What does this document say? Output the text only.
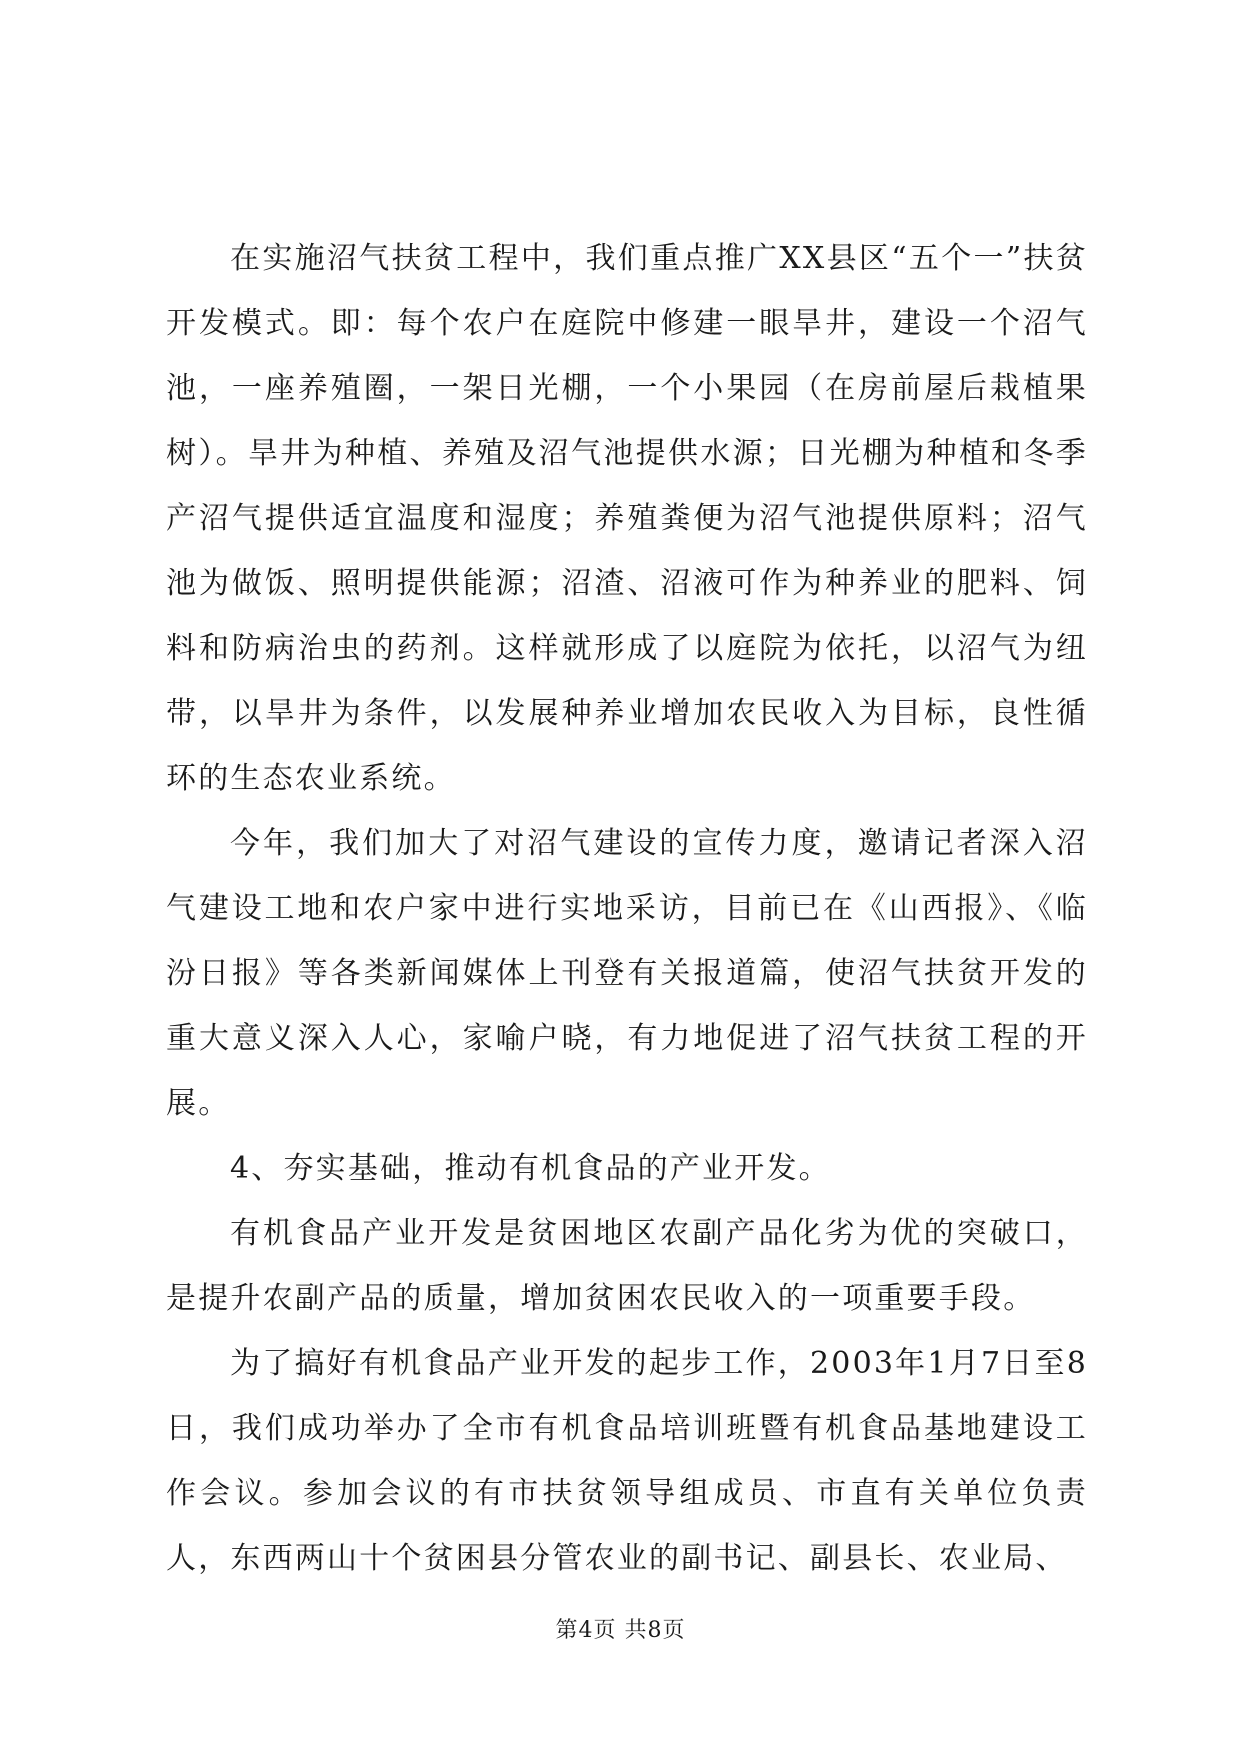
在实施沼气扶贫工程中，我们重点推广XX县区“五个一”扶贫开发模式。即：每个农户在庭院中修建一眼旱井，建设一个沼气池，一座养殖圈，一架日光棚，一个小果园（在房前屋后栽植果树）。旱井为种植、养殖及沼气池提供水源；日光棚为种植和冬季产沼气提供适宜温度和湿度；养殖粪便为沼气池提供原料；沼气池为做饭、照明提供能源；沼渣、沼液可作为种养业的肥料、饲料和防病治虫的药剂。这样就形成了以庭院为依托，以沼气为纽带，以旱井为条件，以发展种养业增加农民收入为目标，良性循环的生态农业系统。

今年，我们加大了对沼气建设的宣传力度，邀请记者深入沼气建设工地和农户家中进行实地采访，目前已在《山西报》、《临汾日报》等各类新闻媒体上刊登有关报道篇，使沼气扶贫开发的重大意义深入人心，家喻户晓，有力地促进了沼气扶贫工程的开展。

4、夯实基础，推动有机食品的产业开发。

有机食品产业开发是贫困地区农副产品化劣为优的突破口，是提升农副产品的质量，增加贫困农民收入的一项重要手段。

为了搞好有机食品产业开发的起步工作，2003年1月7日至8日，我们成功举办了全市有机食品培训班暨有机食品基地建设工作会议。参加会议的有市扶贫领导组成员、市直有关单位负责人，东西两山十个贫困县分管农业的副书记、副县长、农业局、

第4页 共8页
